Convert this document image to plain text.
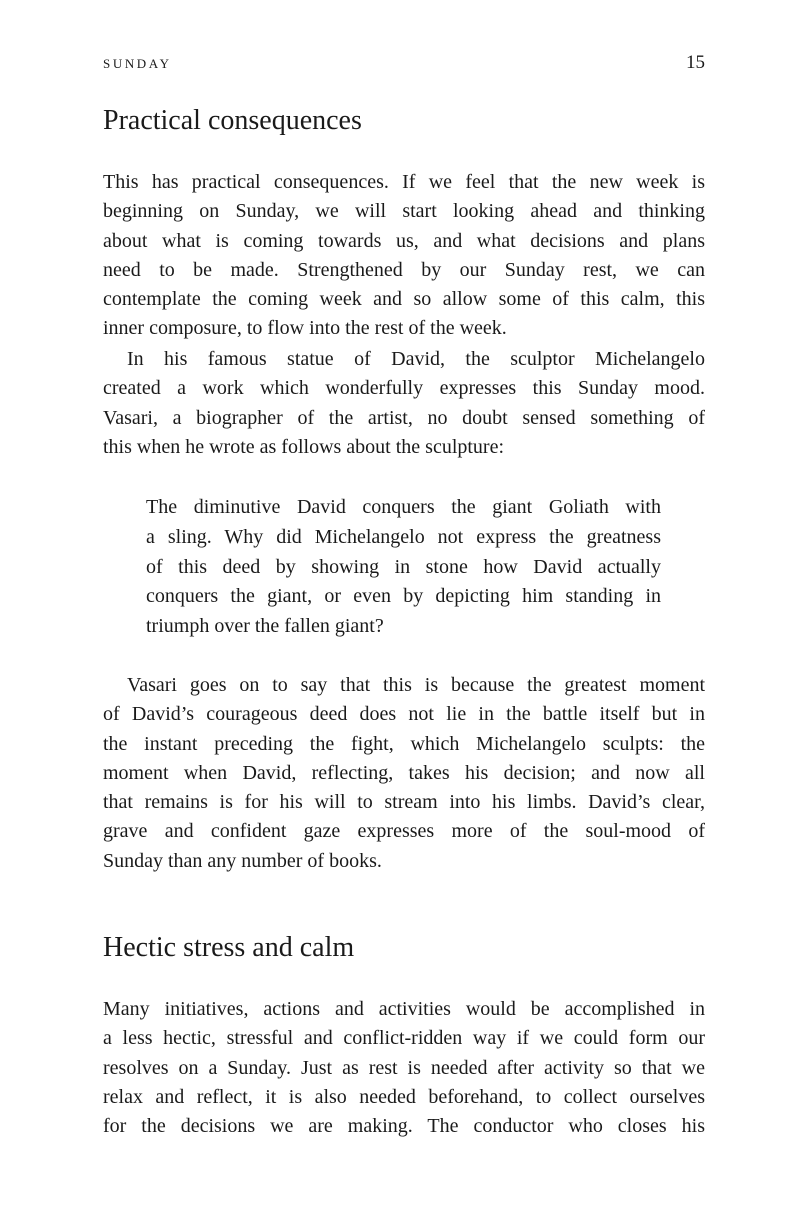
SUNDAY	15
Practical consequences

This has practical consequences. If we feel that the new week is
beginning on Sunday, we will start looking ahead and thinking
about what is coming towards us, and what decisions and plans
need to be made. Strengthened by our Sunday rest, we can
contemplate the coming week and so allow some of this calm, this
inner composure, to flow into the rest of the week.

In his famous statue of David, the sculptor Michelangelo
created a work which wonderfully expresses this Sunday mood.
Vasari, a biographer of the artist, no doubt sensed something of
this when he wrote as follows about the sculpture:

The diminutive David conquers the giant Goliath with
a sling. Why did Michelangelo not express the greatness
of this deed by showing in stone how David actually
conquers the giant, or even by depicting him standing in
triumph over the fallen giant?

Vasari goes on to say that this is because the greatest moment
of David’s courageous deed does not lie in the battle itself but in
the instant preceding the fight, which Michelangelo sculpts: the
moment when David, reflecting, takes his decision; and now all
that remains is for his will to stream into his limbs. David’s clear,
grave and confident gaze expresses more of the soul-mood of
Sunday than any number of books.

Hectic stress and calm

Many initiatives, actions and activities would be accomplished in
a less hectic, stressful and conflict-ridden way if we could form our
resolves on a Sunday. Just as rest is needed after activity so that we
relax and reflect, it is also needed beforehand, to collect ourselves
for the decisions we are making. The conductor who closes his
